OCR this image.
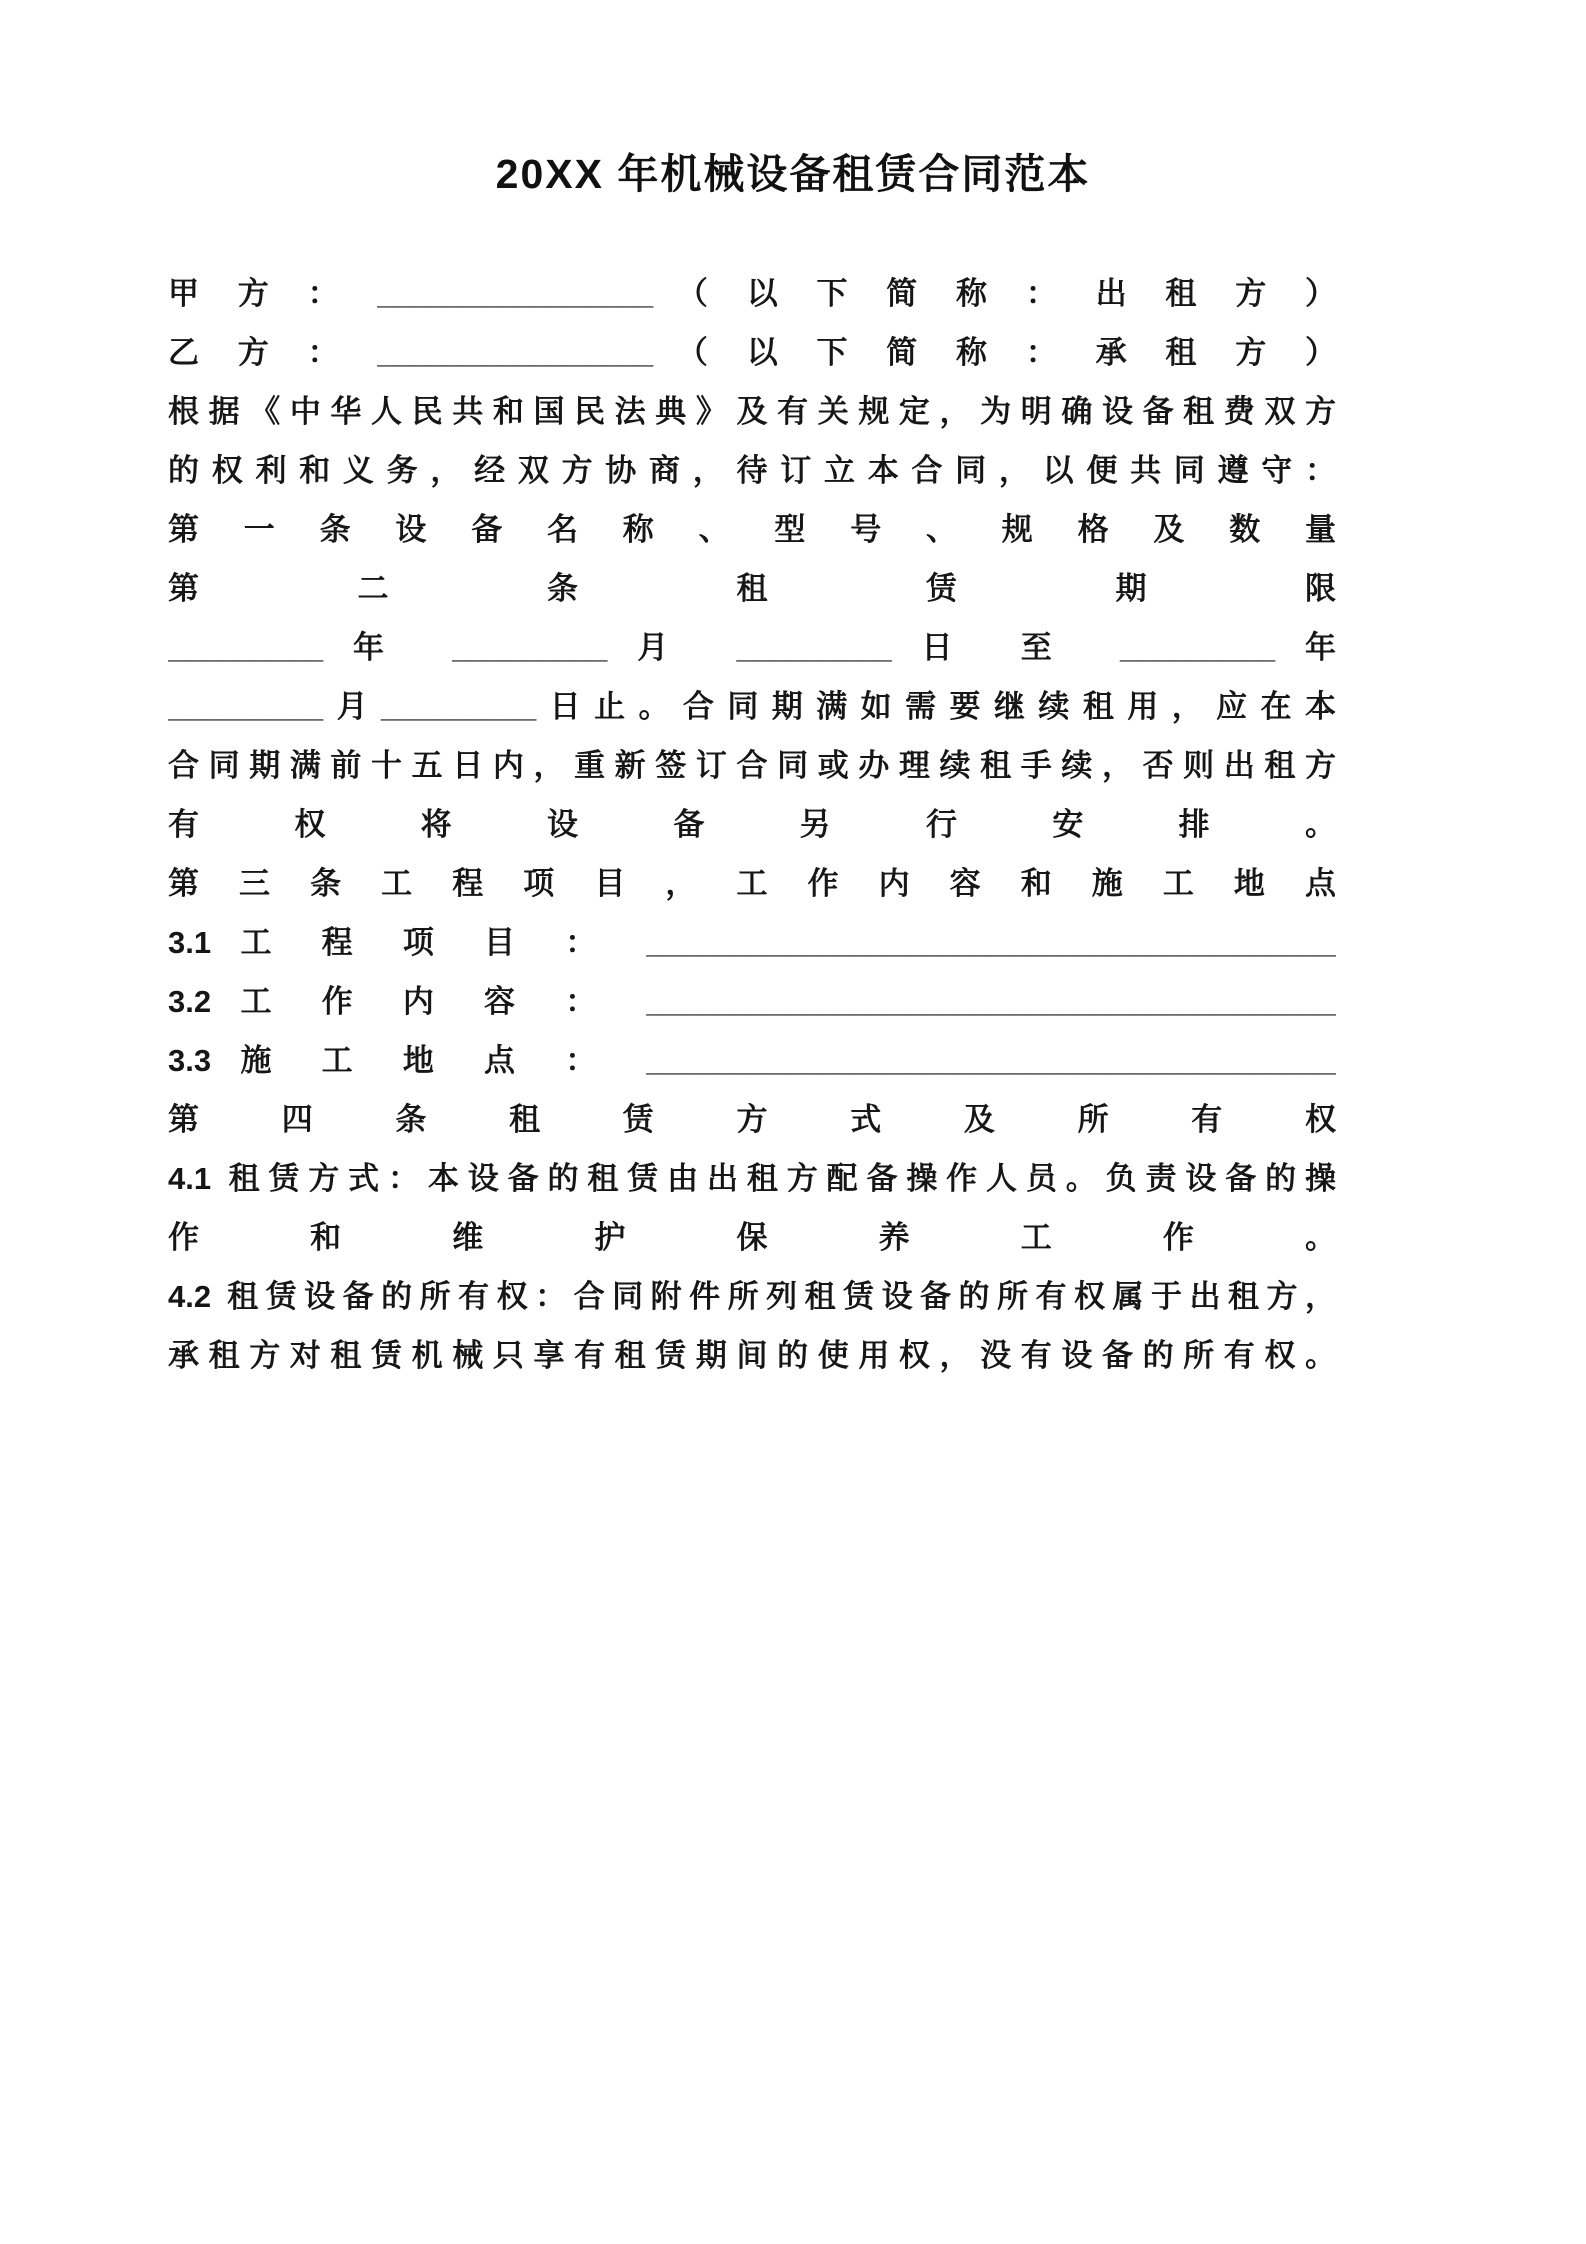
20XX 年机械设备租赁合同范本
甲 方 ： ________________ （ 以 下 简 称 ： 出 租 方 ）
乙 方 ： ________________ （ 以 下 简 称 ： 承 租 方 ）
根据《中华人民共和国民法典》及有关规定，为明确设备租费双方
的权利和义务，经双方协商，待订立本合同，以便共同遵守：
第 一 条 设 备 名 称 、 型 号 、 规 格 及 数 量
第 二 条 租 赁 期 限
_________年 _________月 _________日 至 _________年
_________月_________日止。合同期满如需要继续租用，应在本
合同期满前十五日内，重新签订合同或办理续租手续，否则出租方
有 权 将 设 备 另 行 安 排 。
第 三 条 工 程 项 目 ， 工 作 内 容 和 施 工 地 点
3.1 工 程 项 目 ： ________________________________________
3.2 工 作 内 容 ： ________________________________________
3.3 施 工 地 点 ： ________________________________________
第 四 条 租 赁 方 式 及 所 有 权
4.1 租赁方式：本设备的租赁由出租方配备操作人员。负责设备的操
作 和 维 护 保 养 工 作 。
4.2 租赁设备的所有权：合同附件所列租赁设备的所有权属于出租方，
承租方对租赁机械只享有租赁期间的使用权，没有设备的所有权。
